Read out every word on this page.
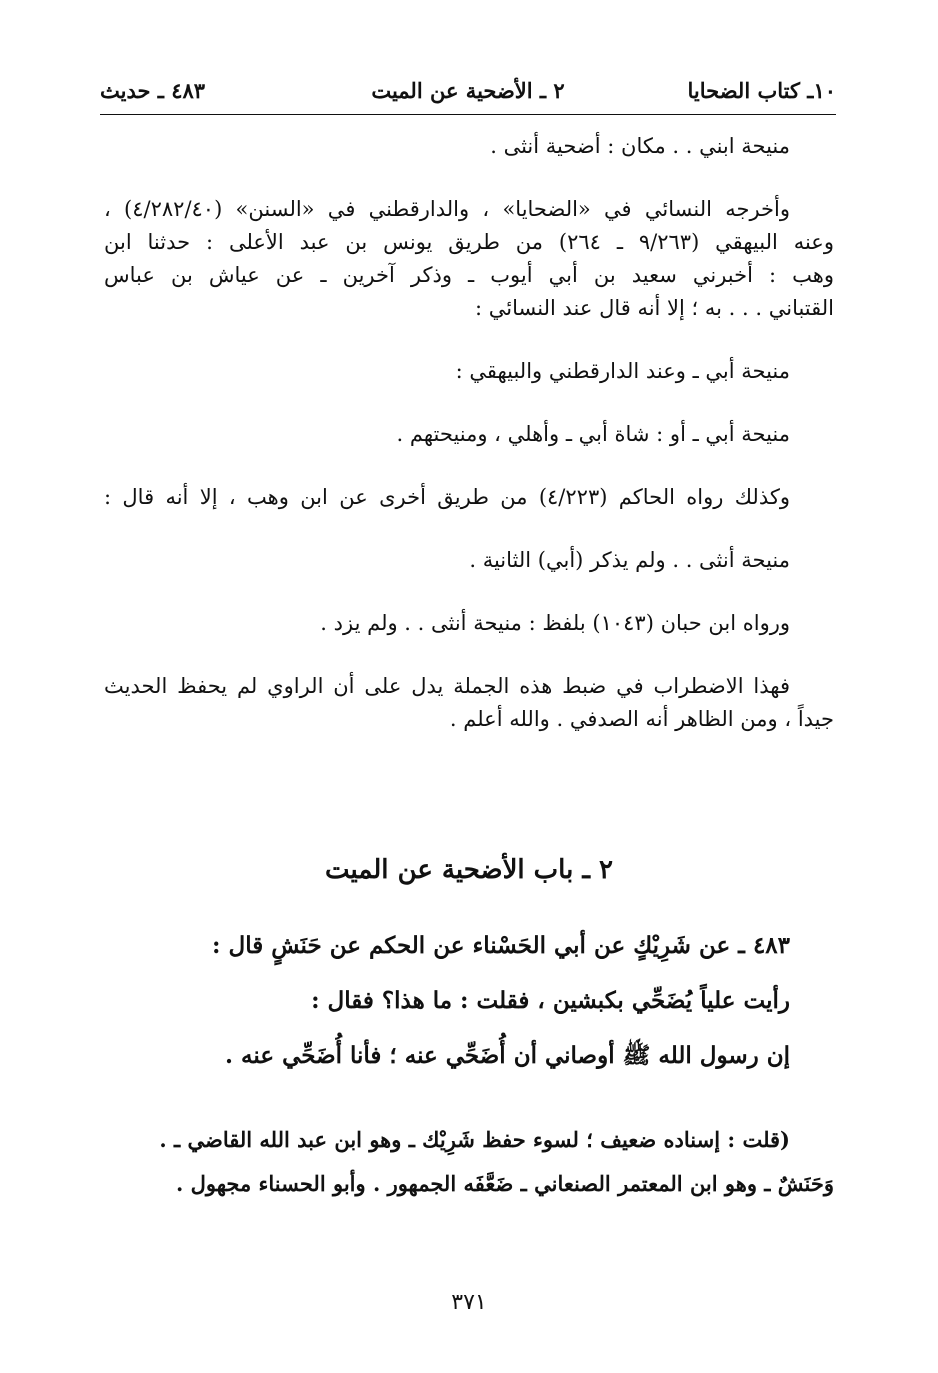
١٠ـ كتاب الضحايا
٢ ـ الأضحية عن الميت
٤٨٣ ـ حديث
منيحة ابني . . مكان : أضحية أنثى .
وأخرجه النسائي في «الضحايا» ، والدارقطني في «السنن» (٤/٢٨٢/٤٠) ،
وعنه البيهقي (٩/٢٦٣ ـ ٢٦٤) من طريق يونس بن عبد الأعلى : حدثنا ابن
وهب : أخبرني سعيد بن أبي أيوب ـ وذكر آخرين ـ عن عياش بن عباس
القتباني . . . به ؛ إلا أنه قال عند النسائي :
منيحة أبي ـ وعند الدارقطني والبيهقي :
منيحة أبي ـ أو : شاة أبي ـ وأهلي ، ومنيحتهم .
وكذلك رواه الحاكم (٤/٢٢٣) من طريق أخرى عن ابن وهب ، إلا أنه قال :
منيحة أنثى . . ولم يذكر (أبي) الثانية .
ورواه ابن حبان (١٠٤٣) بلفظ : منيحة أنثى . . ولم يزد .
فهذا الاضطراب في ضبط هذه الجملة يدل على أن الراوي لم يحفظ الحديث
جيداً ، ومن الظاهر أنه الصدفي . والله أعلم .
٢ ـ باب الأضحية عن الميت
٤٨٣ ـ عن شَرِيْكٍ عن أبي الحَسْناء عن الحكم عن حَنَشٍ قال :
رأيت علياً يُضَحِّي بكبشين ، فقلت : ما هذا؟ فقال :
إن رسول الله ﷺ أوصاني أن أُضَحِّي عنه ؛ فأنا أُضَحِّي عنه .
(قلت : إسناده ضعيف ؛ لسوء حفظ شَرِيْك ـ وهو ابن عبد الله القاضي ـ .
وَحَنَشٌ ـ وهو ابن المعتمر الصنعاني ـ ضَعَّفَه الجمهور . وأبو الحسناء مجهول .
٣٧١
